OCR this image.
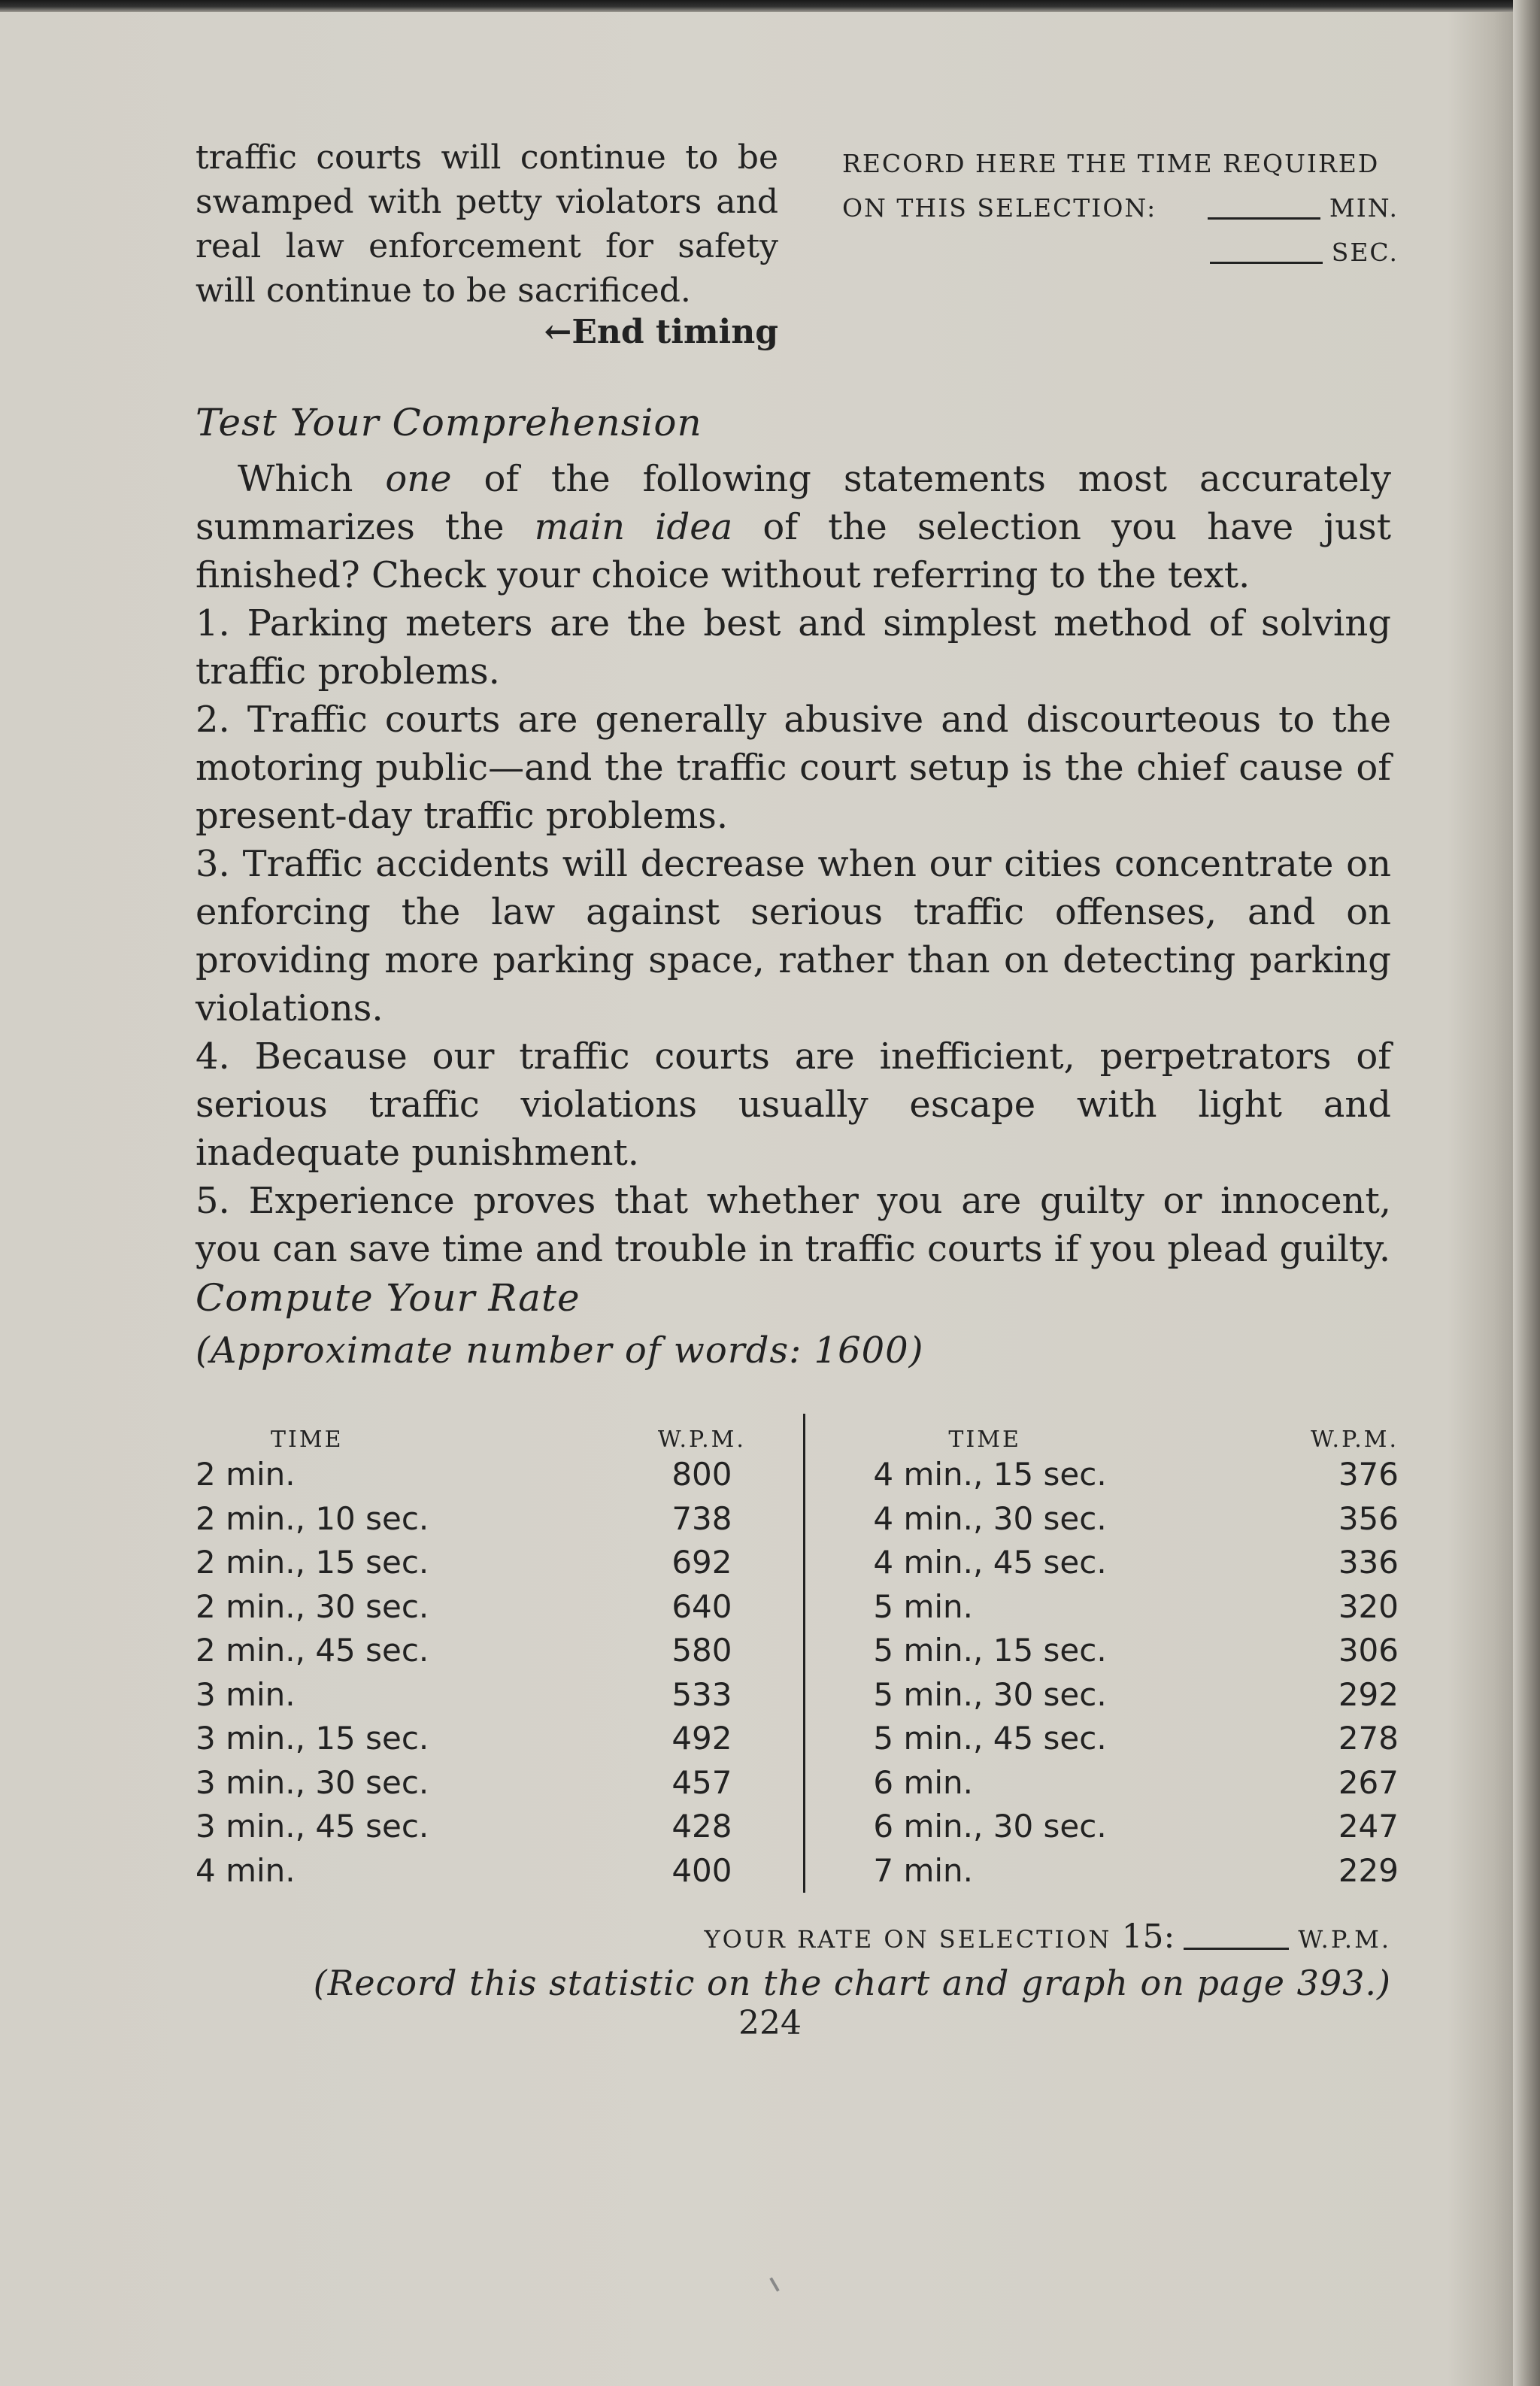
traffic courts will continue to be swamped with petty violators and real law enforcement for safety will continue to be sacrificed.
←End timing
RECORD HERE THE TIME REQUIRED
ON THIS SELECTION:	MIN.
SEC.
Test Your Comprehension

Which one of the following statements most accurately summarizes the main idea of the selection you have just finished? Check your choice without referring to the text.

1. Parking meters are the best and simplest method of solving traffic problems.

2. Traffic courts are generally abusive and discourteous to the motoring public—and the traffic court setup is the chief cause of present-day traffic problems.

3. Traffic accidents will decrease when our cities concentrate on enforcing the law against serious traffic offenses, and on providing more parking space, rather than on detecting parking violations.

4. Because our traffic courts are inefficient, perpetrators of serious traffic violations usually escape with light and inadequate punishment.

5. Experience proves that whether you are guilty or innocent, you can save time and trouble in traffic courts if you plead guilty.

Compute Your Rate
(Approximate number of words: 1600)
TIME	W.P.M.
2 min.	800
2 min., 10 sec.	738
2 min., 15 sec.	692
2 min., 30 sec.	640
2 min., 45 sec.	580
3 min.	533
3 min., 15 sec.	492
3 min., 30 sec.	457
3 min., 45 sec.	428
4 min.	400
TIME	W.P.M.
4 min., 15 sec.	376
4 min., 30 sec.	356
4 min., 45 sec.	336
5 min.	320
5 min., 15 sec.	306
5 min., 30 sec.	292
5 min., 45 sec.	278
6 min.	267
6 min., 30 sec.	247
7 min.	229
YOUR RATE ON SELECTION 15:	W.P.M.
(Record this statistic on the chart and graph on page 393.)
224
